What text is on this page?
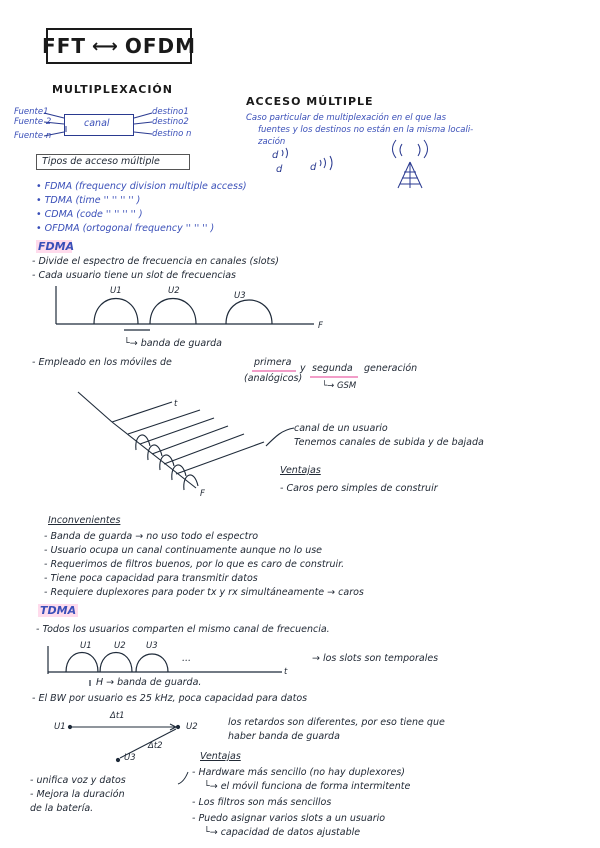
FFT ⟷ OFDM
MULTIPLEXACIÓN
Fuente1
Fuente 2
Fuente n
canal
destino1
destino2
destino n
ACCESO MÚLTIPLE
Caso particular de multiplexación en el que las
fuentes y los destinos no están en la misma locali-
zación
Tipos de acceso múltiple
• FDMA (frequency division multiple access)
• TDMA (time '' '' '' '' )
• CDMA (code '' '' '' '' )
• OFDMA (ortogonal frequency '' '' '' )
FDMA
- Divide el espectro de frecuencia en canales (slots)
- Cada usuario tiene un slot de frecuencias
U1	U2	U3
F
└→ banda de guarda
- Empleado en los móviles de	primera
y segunda generación
(analógicos)
└→ GSM
t
F
canal de un usuario
Tenemos canales de subida y de bajada
Ventajas
- Caros pero simples de construir
Inconvenientes
- Banda de guarda → no uso todo el espectro
- Usuario ocupa un canal continuamente aunque no lo use
- Requerimos de filtros buenos, por lo que es caro de construir.
- Tiene poca capacidad para transmitir datos
- Requiere duplexores para poder tx y rx simultáneamente → caros
TDMA
- Todos los usuarios comparten el mismo canal de frecuencia.
U1	U2 U3
...
t
→ los slots son temporales
H → banda de guarda.
- El BW por usuario es 25 kHz, poca capacidad para datos
U1	U2
U3
Δt1
Δt2
los retardos son diferentes, por eso tiene que
haber banda de guarda
Ventajas
- Hardware más sencillo (no hay duplexores)
└→ el móvil funciona de forma intermitente
- Los filtros son más sencillos
- Puedo asignar varios slots a un usuario
└→ capacidad de datos ajustable
- unifica voz y datos
- Mejora la duración
de la batería.
d
d	d
